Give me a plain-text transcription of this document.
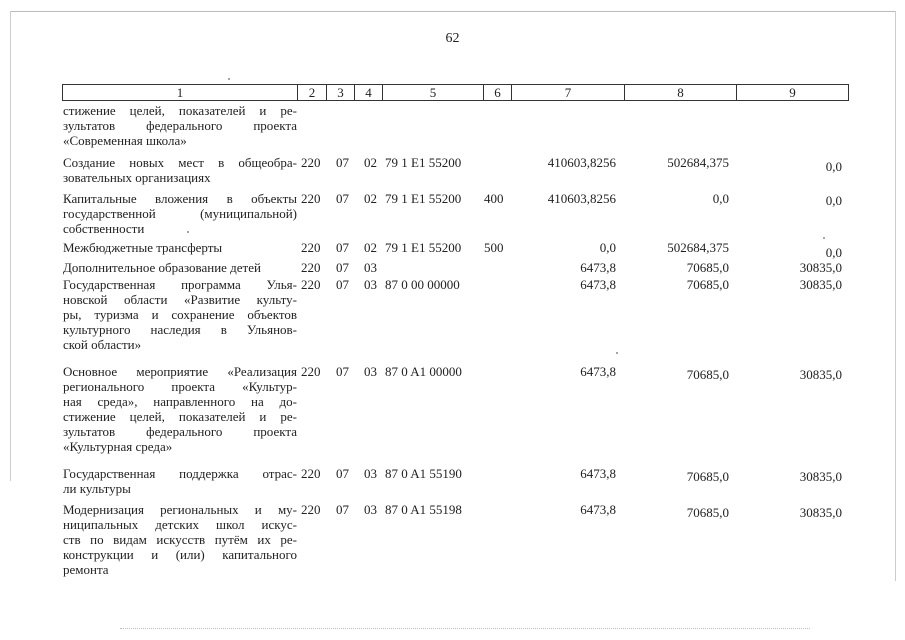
62
1	2	3	4	5	6	7	8	9
стижение целей, показателей и ре-
зультатов федерального проекта
«Современная школа»
Создание новых мест в общеобра-
зовательных организациях
220 07 02 79 1 E1 55200	410603,8256	502684,375	0,0
Капитальные вложения в объекты
государственной (муниципальной)
собственности
220 07 02 79 1 E1 55200 400	410603,8256	0,0	0,0
Межбюджетные трансферты	220 07 02 79 1 E1 55200 500	0,0	502684,375	0,0
Дополнительное образование детей	220 07 03	6473,8	70685,0	30835,0
Государственная программа Улья-
новской области «Развитие культу-
ры, туризма и сохранение объектов
культурного наследия в Ульянов-
ской области»
220 07 03 87 0 00 00000	6473,8	70685,0	30835,0
Основное мероприятие «Реализация
регионального проекта «Культур-
ная среда», направленного на до-
стижение целей, показателей и ре-
зультатов федерального проекта
«Культурная среда»
220 07 03 87 0 A1 00000	6473,8	70685,0	30835,0
Государственная поддержка отрас-
ли культуры
220 07 03 87 0 A1 55190	6473,8	70685,0	30835,0
Модернизация региональных и му-
ниципальных детских школ искус-
ств по видам искусств путём их ре-
конструкции и (или) капитального
ремонта
220 07 03 87 0 A1 55198	6473,8	70685,0	30835,0
